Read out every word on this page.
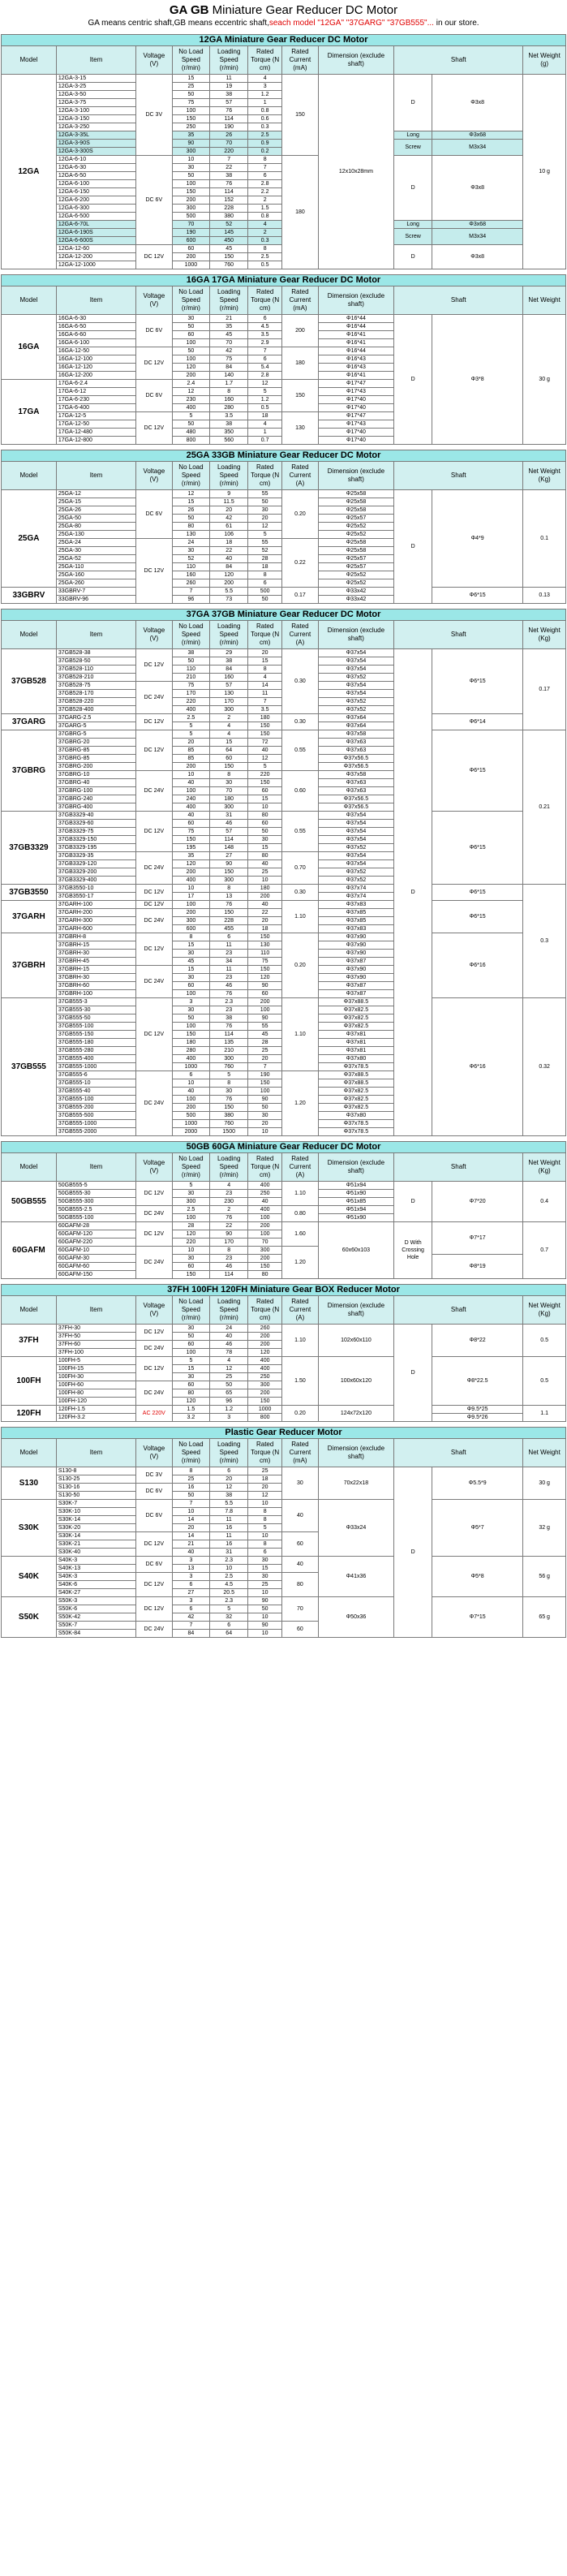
GA GB Miniature Gear Reducer DC Motor

GA means centric shaft,GB means eccentric shaft,seach model "12GA" "37GARG" "37GB555"... in our store.

12GA Miniature Gear Reducer DC Motor
Model	Item	Voltage (V)	No Load Speed (r/min)	Loading Speed (r/min)	Rated Torque (N cm)	Rated Current (mA)	Dimension (exclude shaft)	Shaft		Net Weight (g)
12GA	12GA-3-15	DC 3V	15	11	4	150	12x10x28mm	D	Φ3x8	10 g
	12GA-3-25		25	19	3					
	12GA-3-50		50	38	1.2					
	12GA-3-75		75	57	1					
	12GA-3-100		100	76	0.8					
	12GA-3-150		150	114	0.6					
	12GA-3-250		250	190	0.3					
	12GA-3-35L		35	26	2.5			Long	Φ3x68	
	12GA-3-90S		90	70	0.9			Screw	M3x34	
	12GA-3-300S		300	220	0.2					
	12GA-6-10	DC 6V	10	7	8	180		D	Φ3x8	
	12GA-6-30		30	22	7					
	12GA-6-50		50	38	6					
	12GA-6-100		100	76	2.8					
	12GA-6-150		150	114	2.2					
	12GA-6-200		200	152	2					
	12GA-6-300		300	228	1.5					
	12GA-6-500		500	380	0.8					
	12GA-6-70L		70	52	4			Long	Φ3x68	
	12GA-6-190S		190	145	2			Screw	M3x34	
	12GA-6-600S		600	450	0.3					
	12GA-12-60	DC 12V	60	45	8			D	Φ3x8	
	12GA-12-200		200	150	2.5					
	12GA-12-1000		1000	760	0.5					
16GA 17GA Miniature Gear Reducer DC Motor
Model	Item	Voltage (V)	No Load Speed (r/min)	Loading Speed (r/min)	Rated Torque (N cm)	Rated Current (mA)	Dimension (exclude shaft)	Shaft		Net Weight
16GA	16GA-6-30	DC 6V	30	21	6	200	Φ16*44	D	Φ3*8	30 g
	16GA-6-50		50	35	4.5		Φ16*44			
	16GA-6-60		60	45	3.5		Φ16*41			
	16GA-6-100		100	70	2.9		Φ16*41			
	16GA-12-50	DC 12V	50	42	7	180	Φ16*44			
	16GA-12-100		100	75	6		Φ16*43			
	16GA-12-120		120	84	5.4		Φ16*43			
	16GA-12-200		200	140	2.8		Φ16*41			
17GA	17GA-6-2.4	DC 6V	2.4	1.7	12	150	Φ17*47			
	17GA-6-12		12	8	5		Φ17*43			
	17GA-6-230		230	160	1.2		Φ17*40			
	17GA-6-400		400	280	0.5		Φ17*40			
	17GA-12-5	DC 12V	5	3.5	18	130	Φ17*47			
	17GA-12-50		50	38	4		Φ17*43			
	17GA-12-480		480	350	1		Φ17*40			
	17GA-12-800		800	560	0.7		Φ17*40			
25GA 33GB Miniature Gear Reducer DC Motor
Model	Item	Voltage (V)	No Load Speed (r/min)	Loading Speed (r/min)	Rated Torque (N cm)	Rated Current (A)	Dimension (exclude shaft)	Shaft		Net Weight (Kg)
25GA	25GA-12	DC 6V	12	9	55	0.20	Φ25x58	D	Φ4*9	0.1
	25GA-15		15	11.5	50		Φ25x58			
	25GA-26		26	20	30		Φ25x58			
	25GA-50		50	42	20		Φ25x57			
	25GA-80		80	61	12		Φ25x52			
	25GA-130		130	106	5		Φ25x52			
	25GA-24	DC 12V	24	18	55	0.22	Φ25x58			
	25GA-30		30	22	52		Φ25x58			
	25GA-52		52	40	28		Φ25x57			
	25GA-110		110	84	18		Φ25x57			
	25GA-160		160	120	8		Φ25x52			
	25GA-260		260	200	6		Φ25x52			
33GBRV	33GBRV-7		7	5.5	500	0.17	Φ33x42		Φ6*15	0.13
	33GBRV-96		96	73	50		Φ33x42			
37GA 37GB Miniature Gear Reducer DC Motor
Model	Item	Voltage (V)	No Load Speed (r/min)	Loading Speed (r/min)	Rated Torque (N cm)	Rated Current (A)	Dimension (exclude shaft)	Shaft		Net Weight (Kg)
37GB528	37GB528-38	DC 12V	38	29	20	0.30	Φ37x54	D	Φ6*15	0.17
	37GB528-50		50	38	15		Φ37x54			
	37GB528-110		110	84	8		Φ37x54			
	37GB528-210		210	160	4		Φ37x52			
	37GB528-75	DC 24V	75	57	14		Φ37x54			
	37GB528-170		170	130	11		Φ37x54			
	37GB528-220		220	170	7		Φ37x52			
	37GB528-400		400	300	3.5		Φ37x52			
37GARG	37GARG-2.5	DC 12V	2.5	2	180	0.30	Φ37x64		Φ6*14	
	37GARG-5		5	4	150		Φ37x64			
37GBRG	37GBRG-5	DC 12V	5	4	150	0.55	Φ37x58		Φ6*15	0.21
	37GBRG-20		20	15	72		Φ37x63			
	37GBRG-85		85	64	40		Φ37x63			
	37GBRG-85		85	60	12		Φ37x56.5			
	37GBRG-200		200	150	5		Φ37x56.5			
	37GBRG-10	DC 24V	10	8	220	0.60	Φ37x58			
	37GBRG-40		40	30	150		Φ37x63			
	37GBRG-100		100	70	60		Φ37x63			
	37GBRG-240		240	180	15		Φ37x56.5			
	37GBRG-400		400	300	10		Φ37x56.5			
37GB3329	37GB3329-40	DC 12V	40	31	80	0.55	Φ37x54		Φ6*15	
	37GB3329-60		60	46	60		Φ37x54			
	37GB3329-75		75	57	50		Φ37x54			
	37GB3329-150		150	114	30		Φ37x54			
	37GB3329-195		195	148	15		Φ37x52			
	37GB3329-35	DC 24V	35	27	80	0.70	Φ37x54			
	37GB3329-120		120	90	40		Φ37x54			
	37GB3329-200		200	150	25		Φ37x52			
	37GB3329-400		400	300	10		Φ37x52			
37GB3550	37GB3550-10	DC 12V	10	8	180	0.30	Φ37x74		Φ6*15	0.3
	37GB3550-17		17	13	200		Φ37x74			
37GARH	37GARH-100	DC 12V	100	76	40	1.10	Φ37x83		Φ6*15	
	37GARH-200	DC 24V	200	150	22		Φ37x85			
	37GARH-300		300	228	20		Φ37x85			
	37GARH-600		600	455	18		Φ37x83			
37GBRH	37GBRH-8	DC 12V	8	6	150	0.20	Φ37x90		Φ6*16	
	37GBRH-15		15	11	130		Φ37x90			
	37GBRH-30		30	23	110		Φ37x90			
	37GBRH-45		45	34	75		Φ37x87			
	37GBRH-15	DC 24V	15	11	150		Φ37x90			
	37GBRH-30		30	23	120		Φ37x90			
	37GBRH-60		60	46	90		Φ37x87			
	37GBRH-100		100	76	60		Φ37x87			
37GB555	37GB555-3	DC 12V	3	2.3	200	1.10	Φ37x88.5		Φ6*16	0.32
	37GB555-30		30	23	100		Φ37x82.5			
	37GB555-50		50	38	90		Φ37x82.5			
	37GB555-100		100	76	55		Φ37x82.5			
	37GB555-150		150	114	45		Φ37x81			
	37GB555-180		180	135	28		Φ37x81			
	37GB555-280		280	210	25		Φ37x81			
	37GB555-400		400	300	20		Φ37x80			
	37GB555-1000		1000	760	7		Φ37x78.5			
	37GB555-6	DC 24V	6	5	190	1.20	Φ37x88.5			
	37GB555-10		10	8	150		Φ37x88.5			
	37GB555-40		40	30	100		Φ37x82.5			
	37GB555-100		100	76	90		Φ37x82.5			
	37GB555-200		200	150	50		Φ37x82.5			
	37GB555-500		500	380	30		Φ37x80			
	37GB555-1000		1000	760	20		Φ37x78.5			
	37GB555-2000		2000	1500	10		Φ37x78.5			
50GB 60GA Miniature Gear Reducer DC Motor
Model	Item	Voltage (V)	No Load Speed (r/min)	Loading Speed (r/min)	Rated Torque (N cm)	Rated Current (A)	Dimension (exclude shaft)	Shaft		Net Weight (Kg)
50GB555	50GB555-5	DC 12V	5	4	400	1.10	Φ51x94	D	Φ7*20	0.4
	50GB555-30		30	23	250		Φ51x90			
	50GB555-300		300	230	40		Φ51x85			
	50GB555-2.5	DC 24V	2.5	2	400	0.80	Φ51x94			
	50GB555-100		100	76	100		Φ51x90			
60GAFM	60GAFM-28	DC 12V	28	22	200	1.60	60x60x103	D With Crossing Hole	Φ7*17	0.7
	60GAFM-120		120	90	100					
	60GAFM-220		220	170	70					
	60GAFM-10	DC 24V	10	8	300	1.20				
	60GAFM-30		30	23	200				Φ8*19	
	60GAFM-60		60	46	150					
	60GAFM-150		150	114	80					
37FH 100FH 120FH Miniature Gear BOX Reducer Motor
Model	Item	Voltage (V)	No Load Speed (r/min)	Loading Speed (r/min)	Rated Torque (N cm)	Rated Current (A)	Dimension (exclude shaft)	Shaft		Net Weight (Kg)
37FH	37FH-30	DC 12V	30	24	260	1.10	102x60x110	D	Φ8*22	0.5
	37FH-50		50	40	200					
	37FH-60	DC 24V	60	46	200					
	37FH-100		100	78	120					
100FH	100FH-5	DC 12V	5	4	400	1.50	100x60x120		Φ8*22.5	0.5
	100FH-15		15	12	400					
	100FH-30		30	25	250					
	100FH-60	DC 24V	60	50	300					
	100FH-80		80	65	200					
	100FH-120		120	96	150					
120FH	120FH-1.5	AC 220V	1.5	1.2	1000	0.20	124x72x120		Φ9.5*25	1.1
	120FH-3.2		3.2	3	800				Φ9.5*26	
Plastic Gear Reducer Motor
Model	Item	Voltage (V)	No Load Speed (r/min)	Loading Speed (r/min)	Rated Torque (N cm)	Rated Current (mA)	Dimension (exclude shaft)	Shaft		Net Weight
S130	S130-8	DC 3V	8	6	25	30	70x22x18	D	Φ5.5*9	30 g
	S130-25		25	20	18					
	S130-16	DC 6V	16	12	20					
	S130-50		50	38	12					
S30K	S30K-7	DC 6V	7	5.5	10	40	Φ33x24		Φ5*7	32 g
	S30K-10		10	7.8	8					
	S30K-14		14	11	8					
	S30K-20		20	16	5					
	S30K-14	DC 12V	14	11	10	60				
	S30K-21		21	16	8					
	S30K-40		40	31	6					
S40K	S40K-3	DC 6V	3	2.3	30	40	Φ41x36		Φ5*8	56 g
	S40K-13		13	10	15					
	S40K-3	DC 12V	3	2.5	30	80				
	S40K-6		6	4.5	25					
	S40K-27		27	20.5	10					
S50K	S50K-3	DC 12V	3	2.3	90	70	Φ50x36		Φ7*15	65 g
	S50K-6		6	5	50					
	S50K-42		42	32	10					
	S50K-7	DC 24V	7	6	90	60				
	S50K-84		84	64	10					
